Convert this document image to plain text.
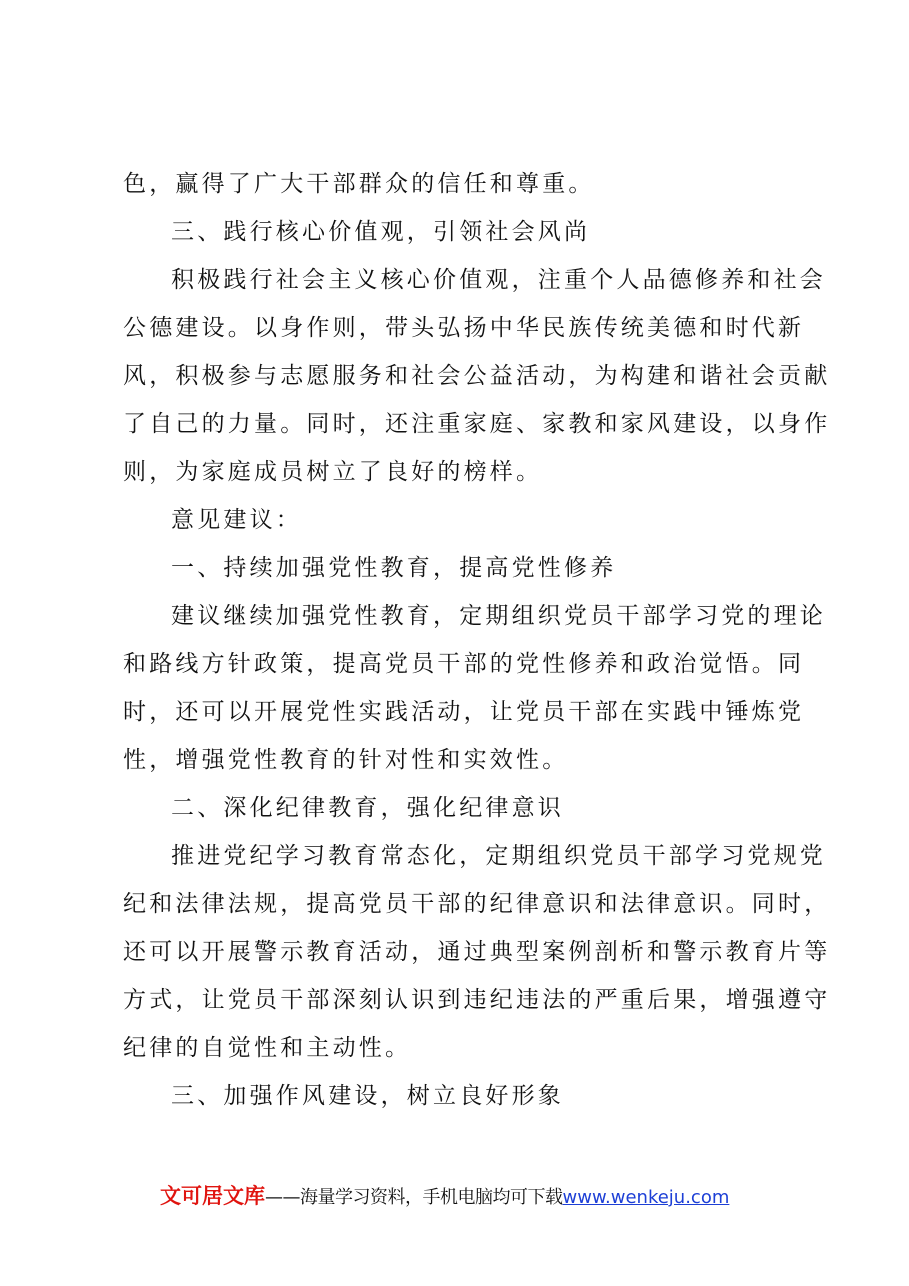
色，赢得了广大干部群众的信任和尊重。
三、践行核心价值观，引领社会风尚
积极践行社会主义核心价值观，注重个人品德修养和社会
公德建设。以身作则，带头弘扬中华民族传统美德和时代新
风，积极参与志愿服务和社会公益活动，为构建和谐社会贡献
了自己的力量。同时，还注重家庭、家教和家风建设，以身作
则，为家庭成员树立了良好的榜样。
意见建议：
一、持续加强党性教育，提高党性修养
建议继续加强党性教育，定期组织党员干部学习党的理论
和路线方针政策，提高党员干部的党性修养和政治觉悟。同
时，还可以开展党性实践活动，让党员干部在实践中锤炼党
性，增强党性教育的针对性和实效性。
二、深化纪律教育，强化纪律意识
推进党纪学习教育常态化，定期组织党员干部学习党规党
纪和法律法规，提高党员干部的纪律意识和法律意识。同时，
还可以开展警示教育活动，通过典型案例剖析和警示教育片等
方式，让党员干部深刻认识到违纪违法的严重后果，增强遵守
纪律的自觉性和主动性。
三、加强作风建设，树立良好形象
文可居文库——海量学习资料，手机电脑均可下载www.wenkeju.com
